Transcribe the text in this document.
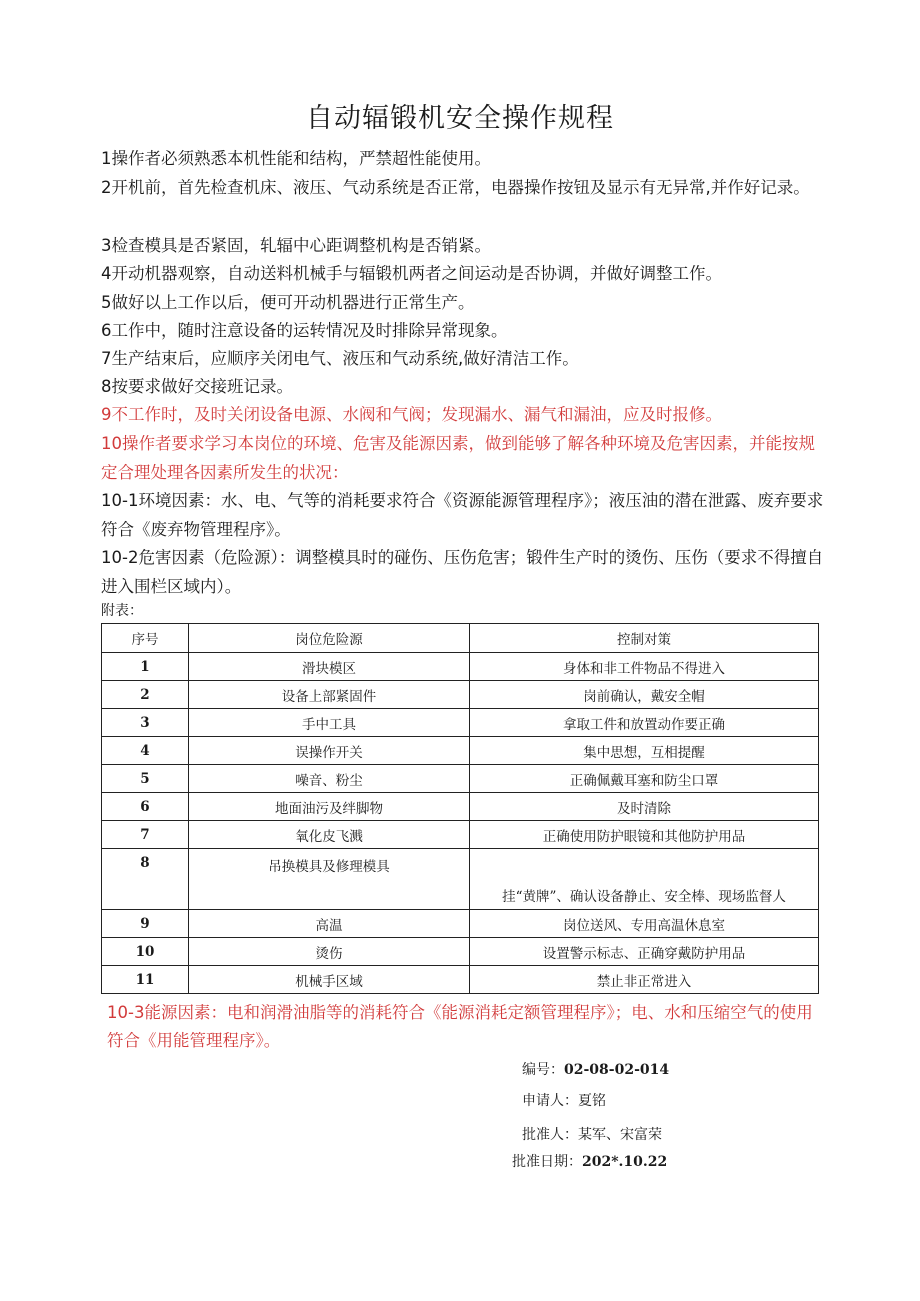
自动辐锻机安全操作规程
1操作者必须熟悉本机性能和结构，严禁超性能使用。
2开机前，首先检查机床、液压、气动系统是否正常，电器操作按钮及显示有无异常,并作好记录。
3检查模具是否紧固，轧辐中心距调整机构是否销紧。
4开动机器观察，自动送料机械手与辐锻机两者之间运动是否协调，并做好调整工作。
5做好以上工作以后，便可开动机器进行正常生产。
6工作中，随时注意设备的运转情况及时排除异常现象。
7生产结束后，应顺序关闭电气、液压和气动系统,做好清洁工作。
8按要求做好交接班记录。
9不工作时，及时关闭设备电源、水阀和气阀；发现漏水、漏气和漏油，应及时报修。
10操作者要求学习本岗位的环境、危害及能源因素，做到能够了解各种环境及危害因素，并能按规定合理处理各因素所发生的状况：
10-1环境因素：水、电、气等的消耗要求符合《资源能源管理程序》；液压油的潜在泄露、废弃要求符合《废弃物管理程序》。
10-2危害因素（危险源）：调整模具时的碰伤、压伤危害；锻件生产时的烫伤、压伤（要求不得擅自进入围栏区域内）。
附表：
序号	岗位危险源	控制对策
1	滑块模区	身体和非工件物品不得进入
2	设备上部紧固件	岗前确认，戴安全帽
3	手中工具	拿取工件和放置动作要正确
4	误操作开关	集中思想，互相提醒
5	噪音、粉尘	正确佩戴耳塞和防尘口罩
6	地面油污及绊脚物	及时清除
7	氧化皮飞溅	正确使用防护眼镜和其他防护用品
8	吊换模具及修理模具	挂“黄牌”、确认设备静止、安全棒、现场监督人
9	高温	岗位送风、专用高温休息室
10	烫伤	设置警示标志、正确穿戴防护用品
11	机械手区域	禁止非正常进入
10-3能源因素：电和润滑油脂等的消耗符合《能源消耗定额管理程序》；电、水和压缩空气的使用符合《用能管理程序》。
编号：02-08-02-014
申请人：夏铭
批准人：某军、宋富荣
批准日期：202*.10.22
